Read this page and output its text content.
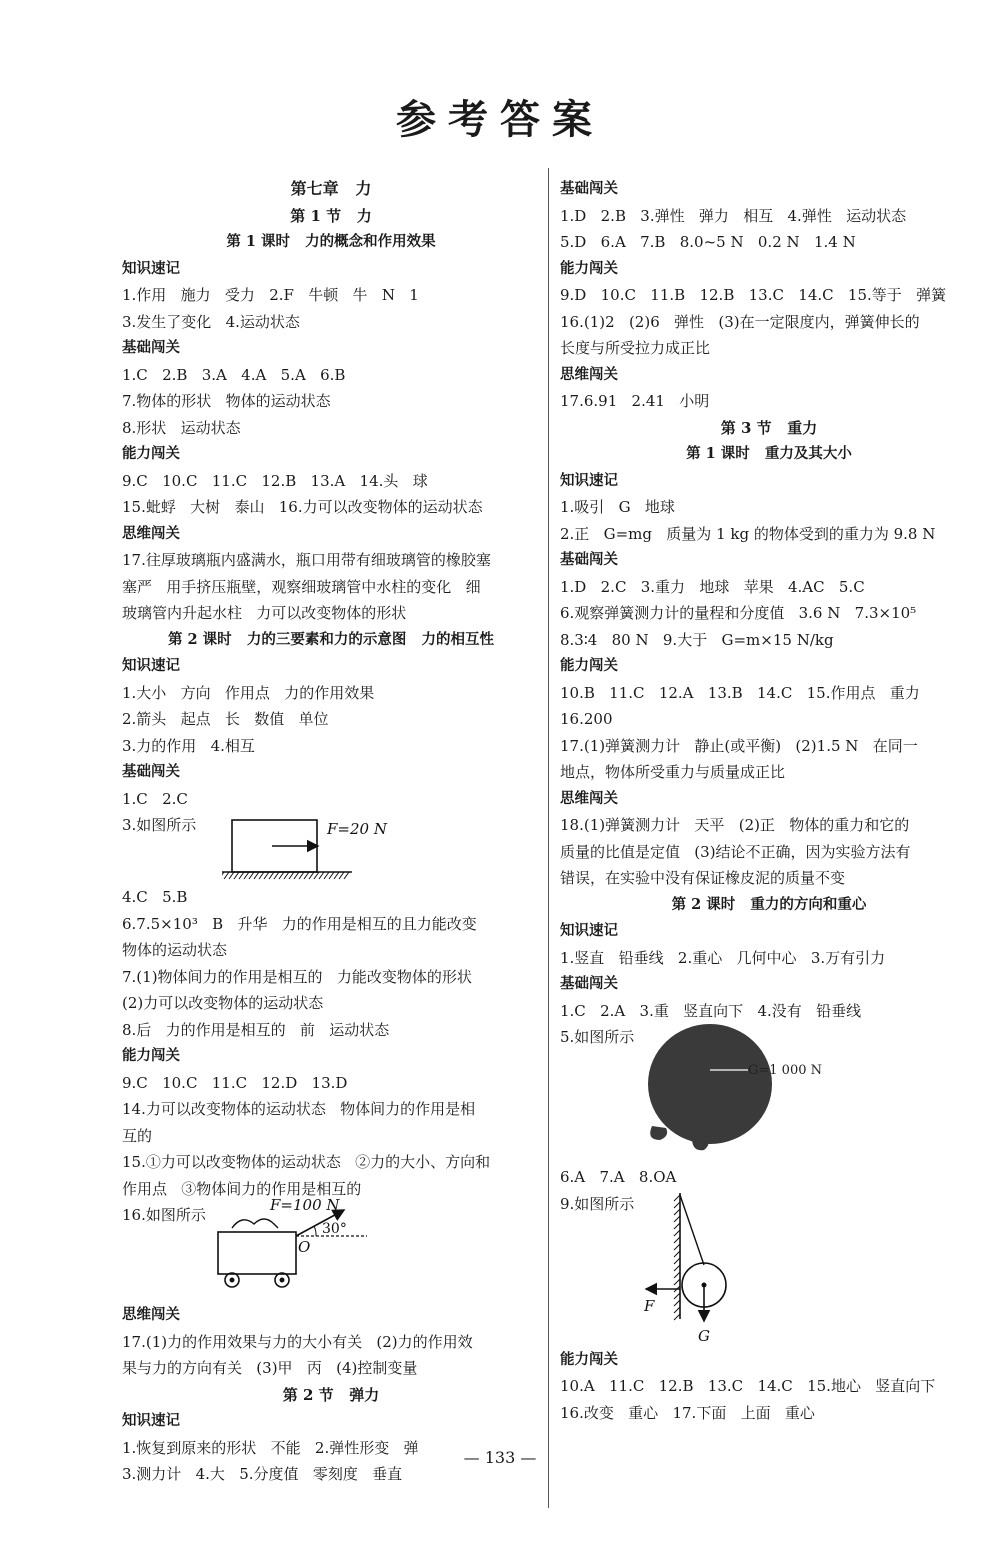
参考答案
第七章   力
第 1 节   力
第 1 课时   力的概念和作用效果
知识速记
1.作用   施力   受力   2.F   牛顿   牛   N   1
3.发生了变化   4.运动状态
基础闯关
1.C   2.B   3.A   4.A   5.A   6.B
7.物体的形状   物体的运动状态
8.形状   运动状态
能力闯关
9.C   10.C   11.C   12.B   13.A   14.头   球
15.蚍蜉   大树   泰山   16.力可以改变物体的运动状态
思维闯关
17.往厚玻璃瓶内盛满水，瓶口用带有细玻璃管的橡胶塞
塞严   用手挤压瓶壁，观察细玻璃管中水柱的变化   细
玻璃管内升起水柱   力可以改变物体的形状
第 2 课时   力的三要素和力的示意图   力的相互性
知识速记
1.大小   方向   作用点   力的作用效果
2.箭头   起点   长   数值   单位
3.力的作用   4.相互
基础闯关
1.C   2.C
3.如图所示	F=20 N
4.C   5.B
6.7.5×10³   B   升华   力的作用是相互的且力能改变
物体的运动状态
7.(1)物体间力的作用是相互的   力能改变物体的形状
(2)力可以改变物体的运动状态
8.后   力的作用是相互的   前   运动状态
能力闯关
9.C   10.C   11.C   12.D   13.D
14.力可以改变物体的运动状态   物体间力的作用是相
互的
15.①力可以改变物体的运动状态   ②力的大小、方向和
作用点   ③物体间力的作用是相互的
16.如图所示
F=100 N
30°
O
思维闯关
17.(1)力的作用效果与力的大小有关   (2)力的作用效
果与力的方向有关   (3)甲   丙   (4)控制变量
第 2 节   弹力
知识速记
1.恢复到原来的形状   不能   2.弹性形变   弹
3.测力计   4.大   5.分度值   零刻度   垂直
基础闯关
1.D   2.B   3.弹性   弹力   相互   4.弹性   运动状态
5.D   6.A   7.B   8.0~5 N   0.2 N   1.4 N
能力闯关
9.D   10.C   11.B   12.B   13.C   14.C   15.等于   弹簧
16.(1)2   (2)6   弹性   (3)在一定限度内，弹簧伸长的
长度与所受拉力成正比
思维闯关
17.6.91   2.41   小明
第 3 节   重力
第 1 课时   重力及其大小
知识速记
1.吸引   G   地球
2.正   G=mg   质量为 1 kg 的物体受到的重力为 9.8 N
基础闯关
1.D   2.C   3.重力   地球   苹果   4.AC   5.C
6.观察弹簧测力计的量程和分度值   3.6 N   7.3×10⁵
8.3∶4   80 N   9.大于   G=m×15 N/kg
能力闯关
10.B   11.C   12.A   13.B   14.C   15.作用点   重力
16.200
17.(1)弹簧测力计   静止(或平衡)   (2)1.5 N   在同一
地点，物体所受重力与质量成正比
思维闯关
18.(1)弹簧测力计   天平   (2)正   物体的重力和它的
质量的比值是定值   (3)结论不正确，因为实验方法有
错误，在实验中没有保证橡皮泥的质量不变
第 2 课时   重力的方向和重心
知识速记
1.竖直   铅垂线   2.重心   几何中心   3.万有引力
基础闯关
1.C   2.A   3.重   竖直向下   4.没有   铅垂线
5.如图所示
G=1 000 N
6.A   7.A   8.OA
9.如图所示
F
G
能力闯关
10.A   11.C   12.B   13.C   14.C   15.地心   竖直向下
16.改变   重心   17.下面   上面   重心
— 133 —
